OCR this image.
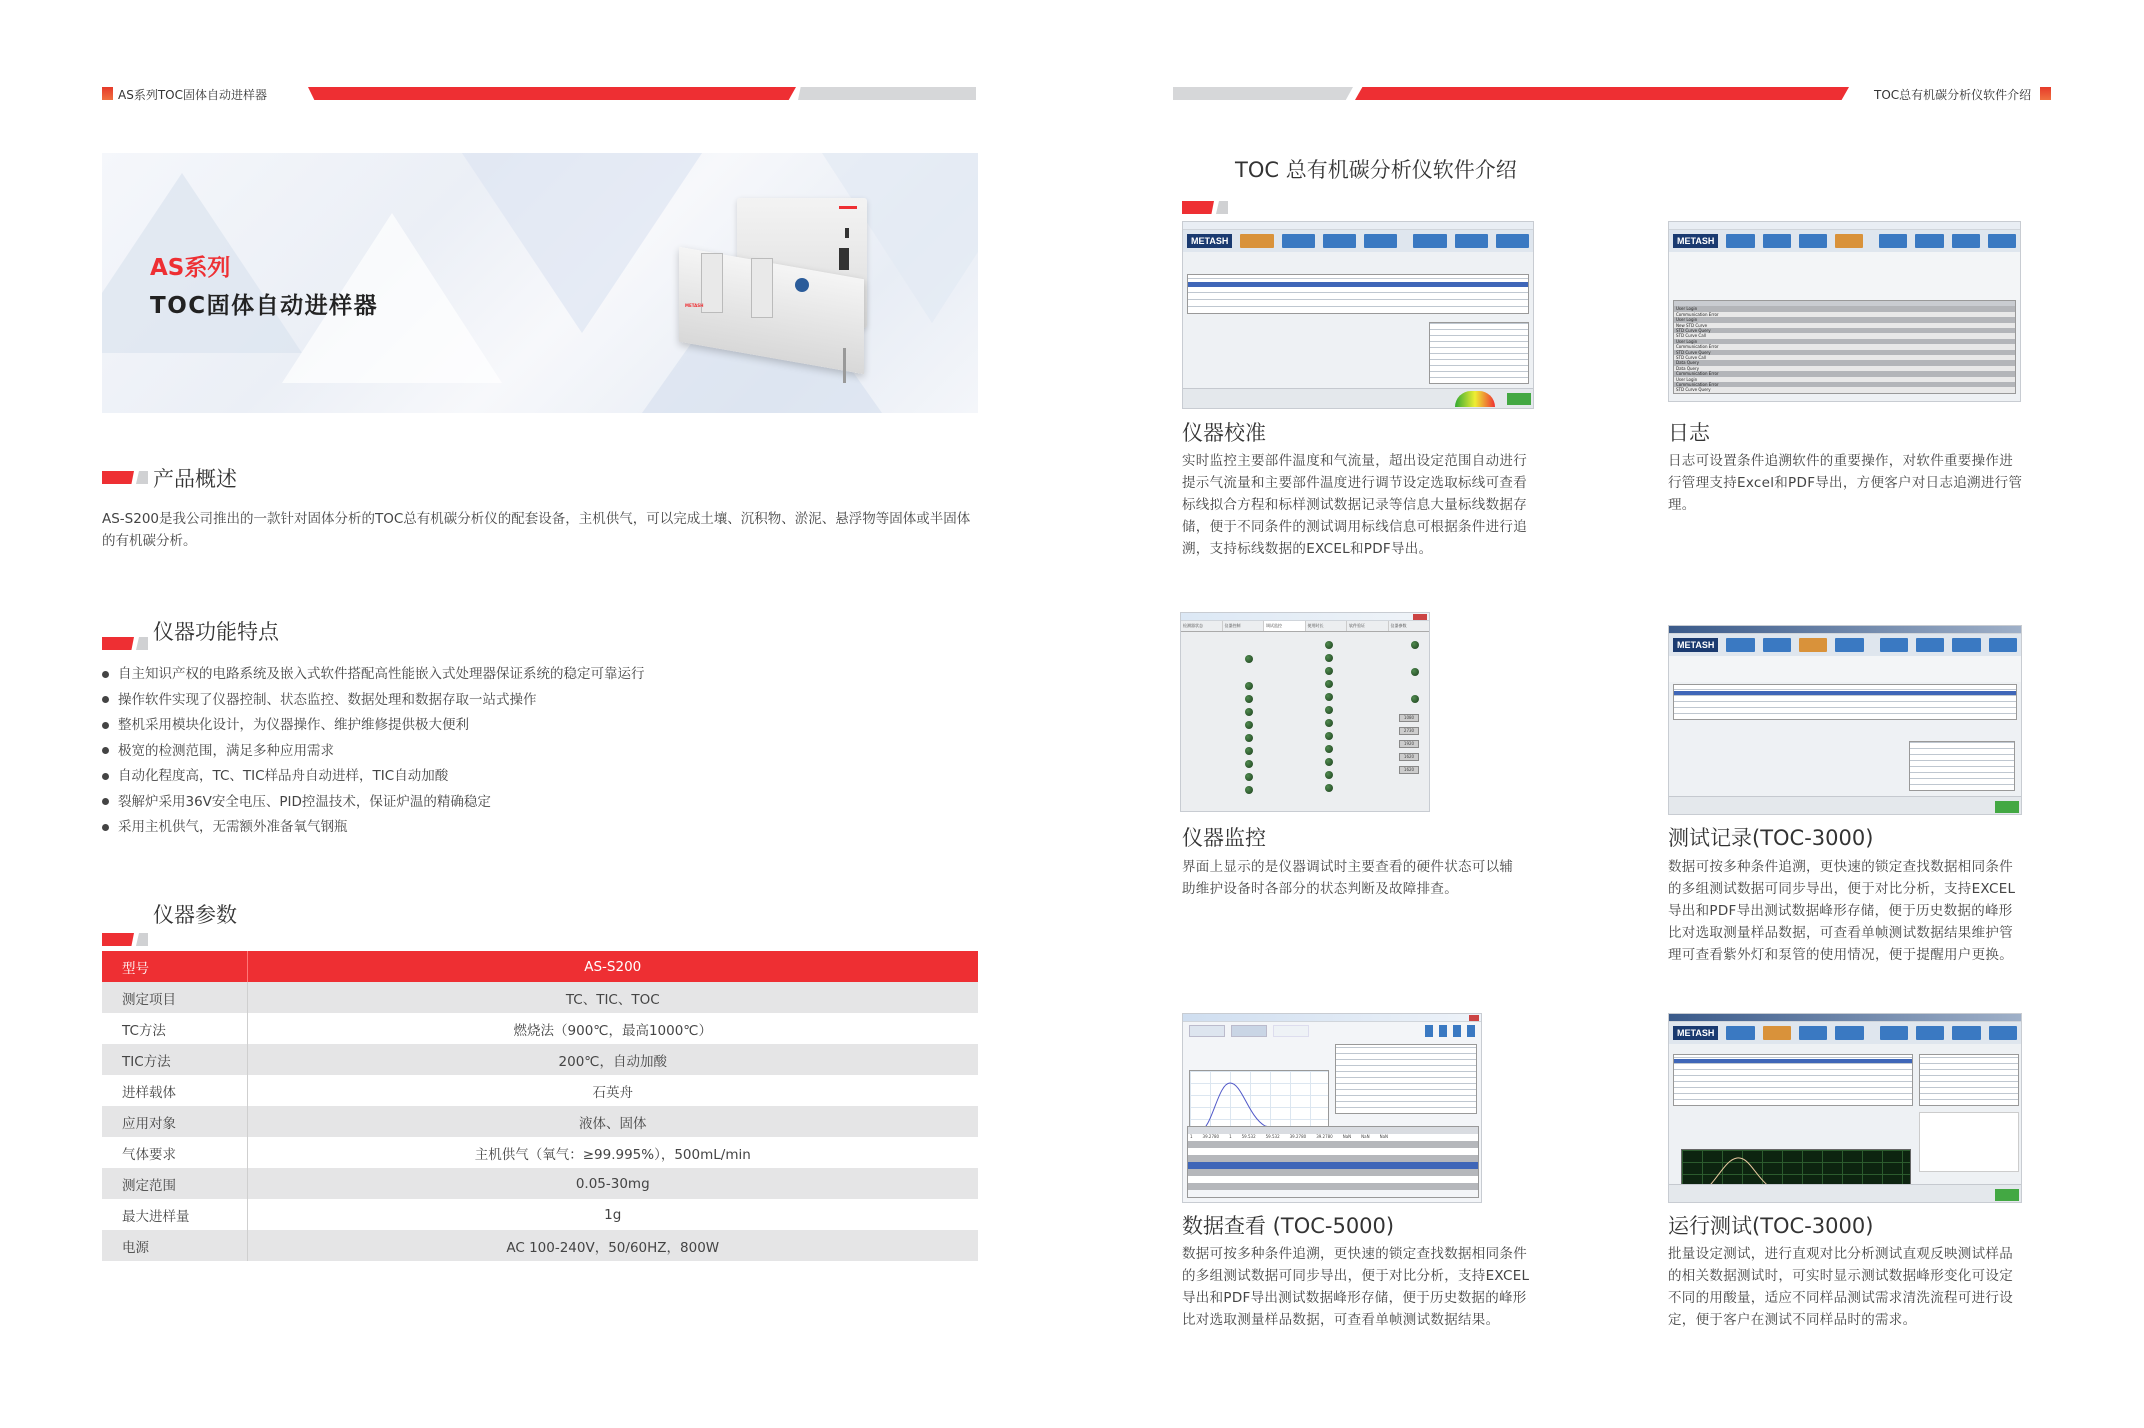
AS系列TOC固体自动进样器	TOC总有机碳分析仪软件介绍
AS系列
TOC固体自动进样器	METASH
产品概述
AS-S200是我公司推出的一款针对固体分析的TOC总有机碳分析仪的配套设备，主机供气，可以完成土壤、沉积物、淤泥、悬浮物等固体或半固体的有机碳分析。
仪器功能特点
自主知识产权的电路系统及嵌入式软件搭配高性能嵌入式处理器保证系统的稳定可靠运行
操作软件实现了仪器控制、状态监控、数据处理和数据存取一站式操作
整机采用模块化设计，为仪器操作、维护维修提供极大便利
极宽的检测范围，满足多种应用需求
自动化程度高，TC、TIC样品舟自动进样，TIC自动加酸
裂解炉采用36V安全电压、PID控温技术，保证炉温的精确稳定
采用主机供气，无需额外准备氧气钢瓶
仪器参数
型号	AS-S200
测定项目	TC、TIC、TOC
TC方法	燃烧法（900℃，最高1000℃）
TIC方法	200℃，自动加酸
进样载体	石英舟
应用对象	液体、固体
气体要求	主机供气（氧气：≥99.995%），500mL/min
测定范围	0.05-30mg
最大进样量	1g
电源	AC 100-240V，50/60HZ，800W
TOC 总有机碳分析仪软件介绍
METASH
仪器校准
实时监控主要部件温度和气流量，超出设定范围自动进行提示气流量和主要部件温度进行调节设定选取标线可查看标线拟合方程和标样测试数据记录等信息大量标线数据存储，便于不同条件的测试调用标线信息可根据条件进行追溯，支持标线数据的EXCEL和PDF导出。
METASH
User Login
Communication Error
User Login
New STD Curve
STD Curve Query
STD Curve Call
User Login
Communication Error
STD Curve Query
STD Curve Call
Data Query
Data Query
Communication Error
User Login
Communication Error
STD Curve Query
日志
日志可设置条件追溯软件的重要操作，对软件重要操作进行管理支持Excel和PDF导出，方便客户对日志追溯进行管理。
检测器状态	仪器控制	调试监控	使用时长	软件验证	仪器参数
1080
2730
1920
1620
1620
仪器监控
界面上显示的是仪器调试时主要查看的硬件状态可以辅助维护设备时各部分的状态判断及故障排查。
METASH
测试记录(TOC-3000)
数据可按多种条件追溯，更快速的锁定查找数据相同条件的多组测试数据可同步导出，便于对比分析，支持EXCEL导出和PDF导出测试数据峰形存储，便于历史数据的峰形比对选取测量样品数据，可查看单帧测试数据结果维护管理可查看紫外灯和泵管的使用情况，便于提醒用户更换。
1	39.2780	1	59.532	59.532	39.2780	39.2780	NaN	NaN	NaN
数据查看 (TOC-5000)
数据可按多种条件追溯，更快速的锁定查找数据相同条件的多组测试数据可同步导出，便于对比分析，支持EXCEL导出和PDF导出测试数据峰形存储，便于历史数据的峰形比对选取测量样品数据，可查看单帧测试数据结果。
METASH
运行测试(TOC-3000)
批量设定测试，进行直观对比分析测试直观反映测试样品的相关数据测试时，可实时显示测试数据峰形变化可设定不同的用酸量，适应不同样品测试需求清洗流程可进行设定，便于客户在测试不同样品时的需求。
